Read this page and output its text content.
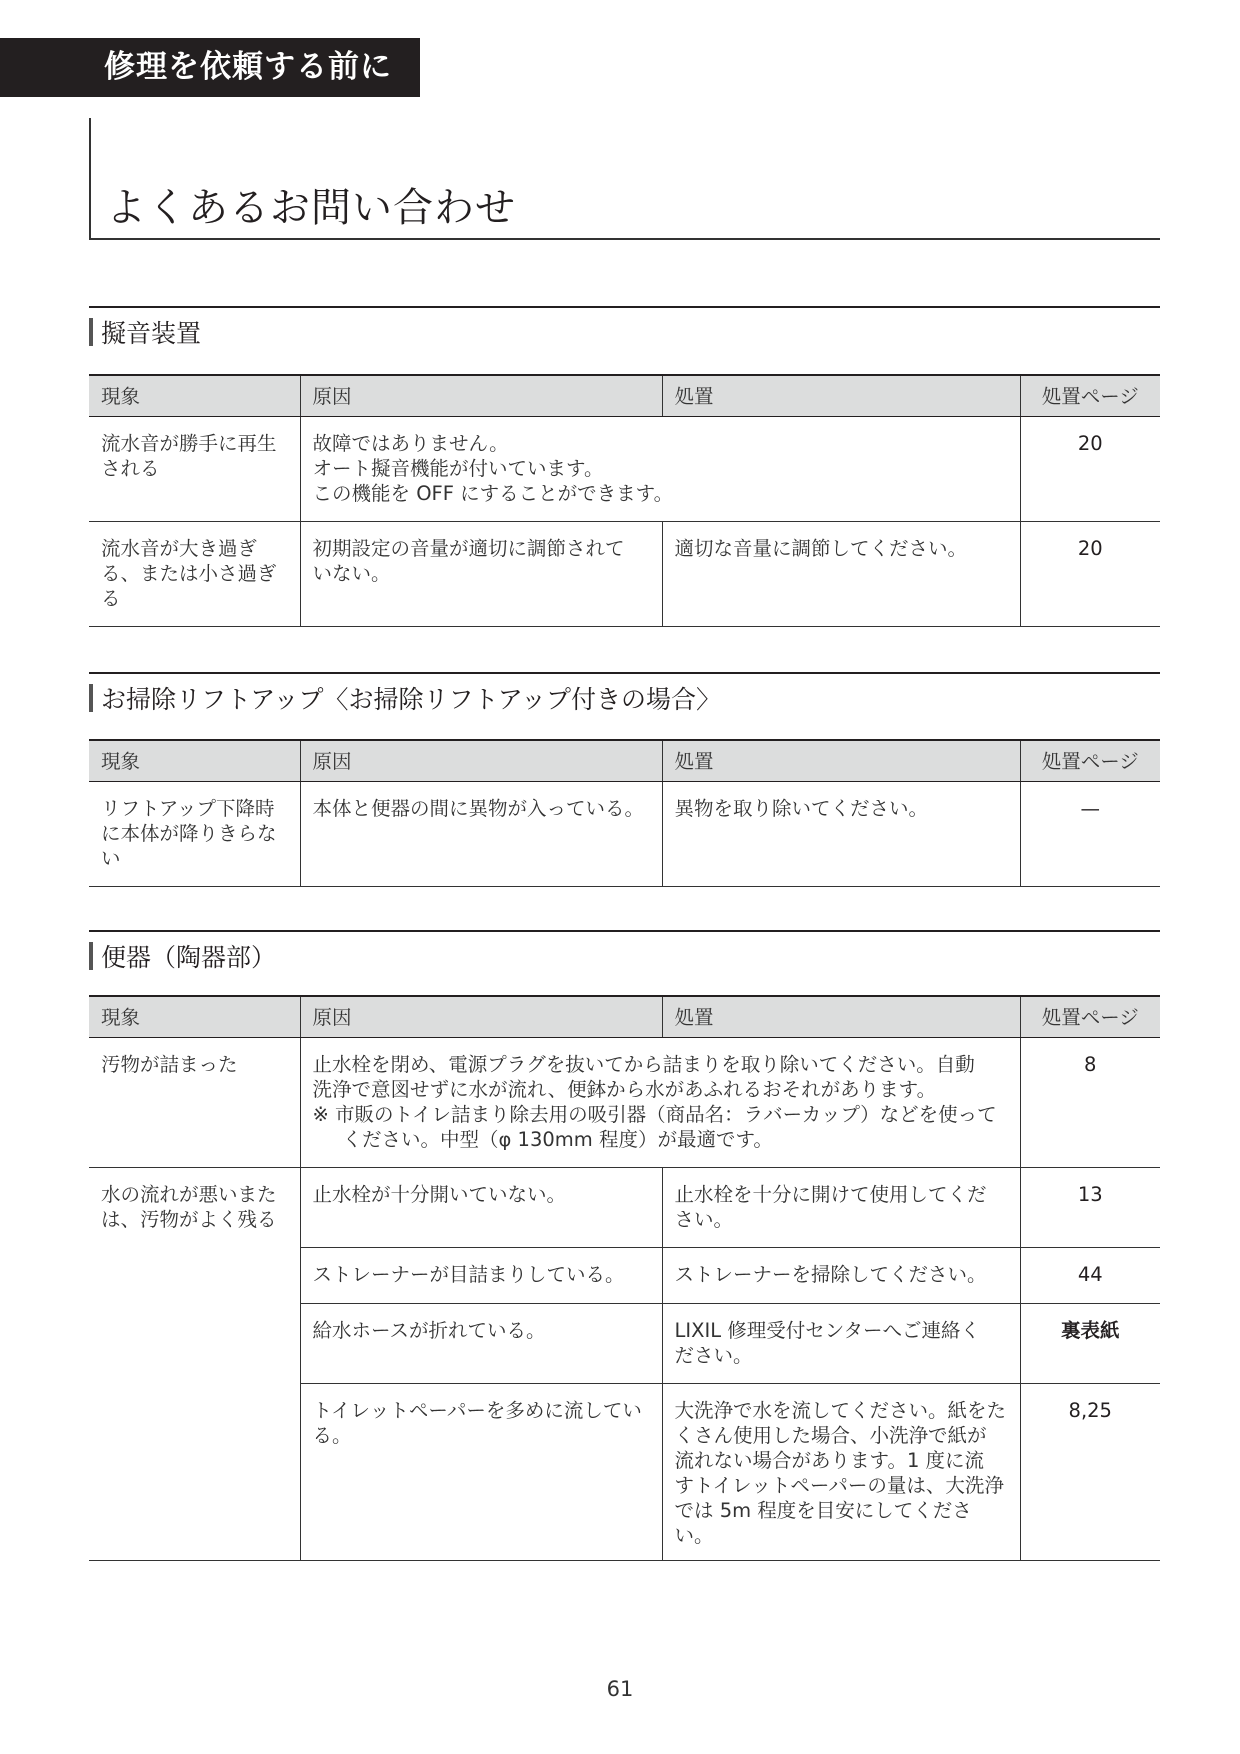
修理を依頼する前に
よくあるお問い合わせ
擬音装置
現象	原因	処置	処置ページ

流水音が勝手に再生
される	故障ではありません。
オート擬音機能が付いています。
この機能を OFF にすることができます。		20

流水音が大き過ぎ
る、または小さ過ぎ
る	初期設定の音量が適切に調節されて
いない。	適切な音量に調節してください。	20
お掃除リフトアップ〈お掃除リフトアップ付きの場合〉
現象	原因	処置	処置ページ

リフトアップ下降時
に本体が降りきらな
い	本体と便器の間に異物が入っている。	異物を取り除いてください。	—
便器（陶器部）
現象	原因	処置	処置ページ

汚物が詰まった	止水栓を閉め、電源プラグを抜いてから詰まりを取り除いてください。自動
洗浄で意図せずに水が流れ、便鉢から水があふれるおそれがあります。
※ 市販のトイレ詰まり除去用の吸引器（商品名：ラバーカップ）などを使って
ください。中型（φ 130mm 程度）が最適です。		8

水の流れが悪いまた
は、汚物がよく残る	止水栓が十分開いていない。	止水栓を十分に開けて使用してくだ
さい。	13

	ストレーナーが目詰まりしている。	ストレーナーを掃除してください。	44

	給水ホースが折れている。	LIXIL 修理受付センターへご連絡く
ださい。	裏表紙

	トイレットペーパーを多めに流してい
る。	大洗浄で水を流してください。紙をた
くさん使用した場合、小洗浄で紙が
流れない場合があります。1 度に流
すトイレットペーパーの量は、大洗浄
では 5m 程度を目安にしてください。	8,25
61
